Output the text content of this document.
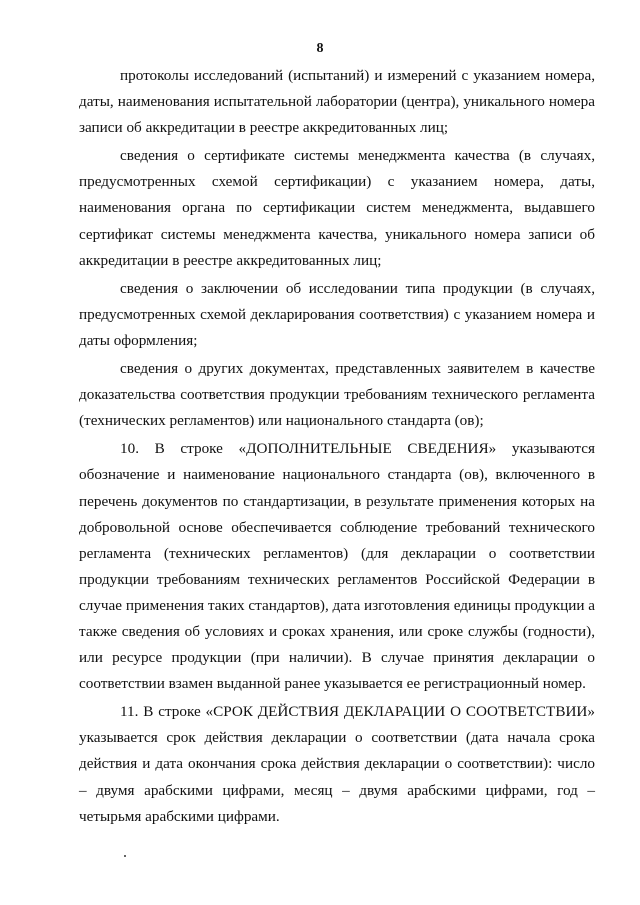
8

протоколы исследований (испытаний) и измерений с указанием номера, даты, наименования испытательной лаборатории (центра), уникального номера записи об аккредитации в реестре аккредитованных лиц;

сведения о сертификате системы менеджмента качества (в случаях, предусмотренных схемой сертификации) с указанием номера, даты, наименования органа по сертификации систем менеджмента, выдавшего сертификат системы менеджмента качества, уникального номера записи об аккредитации в реестре аккредитованных лиц;

сведения о заключении об исследовании типа продукции (в случаях, предусмотренных схемой декларирования соответствия) с указанием номера и даты оформления;

сведения о других документах, представленных заявителем в качестве доказательства соответствия продукции требованиям технического регламента (технических регламентов) или национального стандарта (ов);

10. В строке «ДОПОЛНИТЕЛЬНЫЕ СВЕДЕНИЯ» указываются обозначение и наименование национального стандарта (ов), включенного в перечень документов по стандартизации, в результате применения которых на добровольной основе обеспечивается соблюдение требований технического регламента (технических регламентов) (для декларации о соответствии продукции требованиям технических регламентов Российской Федерации в случае применения таких стандартов), дата изготовления единицы продукции а также сведения об условиях и сроках хранения, или сроке службы (годности), или ресурсе продукции (при наличии). В случае принятия декларации о соответствии взамен выданной ранее указывается ее регистрационный номер.

11. В строке «СРОК ДЕЙСТВИЯ ДЕКЛАРАЦИИ О СООТВЕТСТВИИ» указывается срок действия декларации о соответствии (дата начала срока действия и дата окончания срока действия декларации о соответствии): число – двумя арабскими цифрами, месяц – двумя арабскими цифрами, год – четырьмя арабскими цифрами.
